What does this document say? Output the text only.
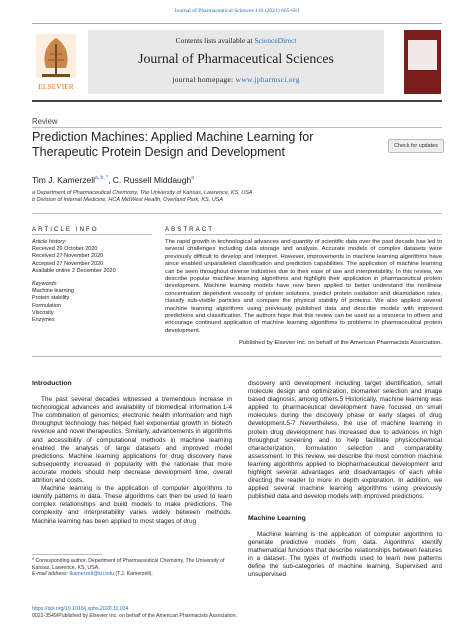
Journal of Pharmaceutical Sciences 110 (2021) 665-681
ELSEVIER
Contents lists available at ScienceDirect
Journal of Pharmaceutical Sciences
journal homepage: www.jpharmsci.org
Review
Prediction Machines: Applied Machine Learning for Therapeutic Protein Design and Development	Check for updates
Tim J. Kamerzell$^{a, b, *}$, C. Russell Middaugh$^a$
a Department of Pharmaceutical Chemistry, The University of Kansas, Lawrence, KS, USA
b Division of Internal Medicine, HCA MidWest Health, Overland Park, KS, USA
ARTICLE INFO	ABSTRACT
Article history:
Received 29 October 2020
Received 27 November 2020
Accepted 27 November 2020
Available online 2 December 2020
Keywords:
Machine learning
Protein stability
Formulation
Viscosity
Enzymes
The rapid growth in technological advances and quantity of scientific data over the past decade has led to several challenges including data storage and analysis. Accurate models of complex datasets were previously difficult to develop and interpret. However, improvements in machine learning algorithms have since enabled unparalleled classification and prediction capabilities. The application of machine learning can be seen throughout diverse industries due to their ease of use and interpretability. In this review, we describe popular machine learning algorithms and highlight their application in pharmaceutical protein development. Machine learning models have now been applied to better understand the nonlinear concentration dependent viscosity of protein solutions, predict protein oxidation and deamidation rates, classify sub-visible particles and compare the physical stability of proteins. We also applied several machine learning algorithms using previously published data and describe models with improved predictions and classification. The authors hope that this review can be used as a resource to others and encourage continued application of machine learning algorithms to problems in pharmaceutical protein development.
Published by Elsevier Inc. on behalf of the American Pharmacists Association.
Introduction

The past several decades witnessed a tremendous increase in technological advances and availability of biomedical information.1-4 The combination of genomics, electronic health information and high throughput technology has helped fuel exponential growth in biotech revenue and novel therapeutics. Similarly, advancements in algorithms and accessibility of computational methods in machine learning enabled the analysis of large datasets and improved model predictions. Machine learning applications for drug discovery have subsequently increased in popularity with the rationale that more accurate models should help decrease development time, overall attrition and costs.

Machine learning is the application of computer algorithms to identify patterns in data. These algorithms can then be used to learn complex relationships and build models to make predictions. The complexity and interpretability varies widely between methods. Machine learning has been applied to most stages of drug

discovery and development including target identification, small molecule design and optimization, biomarker selection and image based diagnosis, among others.5 Historically, machine learning was applied to pharmaceutical development have focused on small molecules during the discovery phase or early stages of drug development.5-7 Nevertheless, the use of machine learning in protein drug development has increased due to advances in high throughput screening and to help facilitate physicochemical characterization, formulation selection and comparability assessment. In this review, we describe the most common machine learning algorithms applied to biopharmaceutical development and highlight several advantages and disadvantages of each while directing the reader to more in depth exploration. In addition, we applied several machine learning algorithms using previously published data and develop models with improved predictions.

Machine Learning

Machine learning is the application of computer algorithms to generate predictive models from data. Algorithms identify mathematical functions that describe relationships between features in a dataset. The types of methods used to learn new patterns define the sub-categories of machine learning. Supervised and unsupervised

* Corresponding author. Department of Pharmaceutical Chemistry, The University of Kansas, Lawrence, KS, USA.
E-mail address: tkamerzell@ku.edu (T.J. Kamerzell).
https://doi.org/10.1016/j.xphs.2020.11.034
0022-3549/Published by Elsevier Inc. on behalf of the American Pharmacists Association.
